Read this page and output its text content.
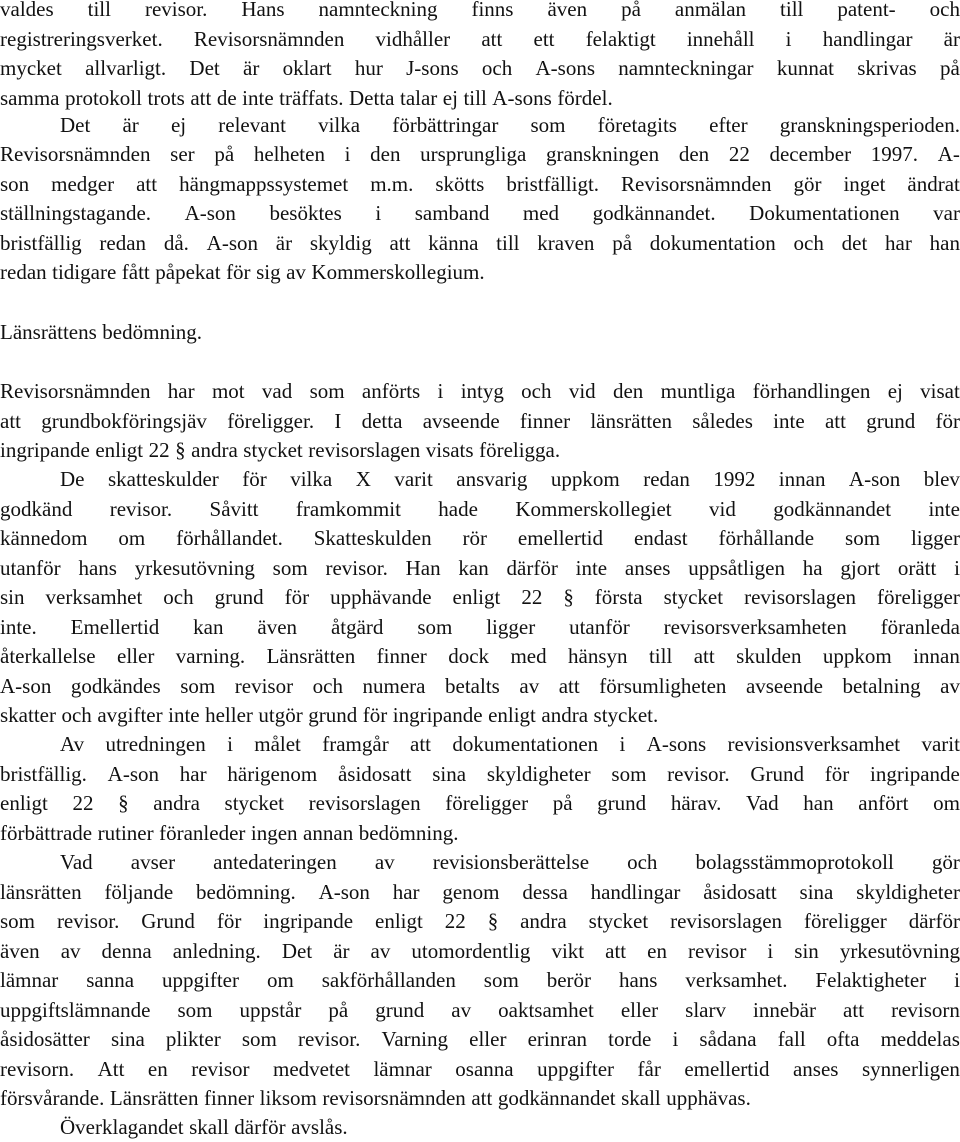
valdes till revisor. Hans namnteckning finns även på anmälan till patent- och
registreringsverket. Revisorsnämnden vidhåller att ett felaktigt innehåll i handlingar är
mycket allvarligt. Det är oklart hur J-sons och A-sons namnteckningar kunnat skrivas på
samma protokoll trots att de inte träffats. Detta talar ej till A-sons fördel.
Det är ej relevant vilka förbättringar som företagits efter granskningsperioden.
Revisorsnämnden ser på helheten i den ursprungliga granskningen den 22 december 1997. A-
son medger att hängmappssystemet m.m. skötts bristfälligt. Revisorsnämnden gör inget ändrat
ställningstagande. A-son besöktes i samband med godkännandet. Dokumentationen var
bristfällig redan då. A-son är skyldig att känna till kraven på dokumentation och det har han
redan tidigare fått påpekat för sig av Kommerskollegium.
Länsrättens bedömning.
Revisorsnämnden har mot vad som anförts i intyg och vid den muntliga förhandlingen ej visat
att grundbokföringsjäv föreligger. I detta avseende finner länsrätten således inte att grund för
ingripande enligt 22 § andra stycket revisorslagen visats föreligga.
De skatteskulder för vilka X varit ansvarig uppkom redan 1992 innan A-son blev
godkänd revisor. Såvitt framkommit hade Kommerskollegiet vid godkännandet inte
kännedom om förhållandet. Skatteskulden rör emellertid endast förhållande som ligger
utanför hans yrkesutövning som revisor. Han kan därför inte anses uppsåtligen ha gjort orätt i
sin verksamhet och grund för upphävande enligt 22 § första stycket revisorslagen föreligger
inte. Emellertid kan även åtgärd som ligger utanför revisorsverksamheten föranleda
återkallelse eller varning. Länsrätten finner dock med hänsyn till att skulden uppkom innan
A-son godkändes som revisor och numera betalts av att försumligheten avseende betalning av
skatter och avgifter inte heller utgör grund för ingripande enligt andra stycket.
Av utredningen i målet framgår att dokumentationen i A-sons revisionsverksamhet varit
bristfällig. A-son har härigenom åsidosatt sina skyldigheter som revisor. Grund för ingripande
enligt 22 § andra stycket revisorslagen föreligger på grund härav. Vad han anfört om
förbättrade rutiner föranleder ingen annan bedömning.
Vad avser antedateringen av revisionsberättelse och bolagsstämmoprotokoll gör
länsrätten följande bedömning. A-son har genom dessa handlingar åsidosatt sina skyldigheter
som revisor. Grund för ingripande enligt 22 § andra stycket revisorslagen föreligger därför
även av denna anledning. Det är av utomordentlig vikt att en revisor i sin yrkesutövning
lämnar sanna uppgifter om sakförhållanden som berör hans verksamhet. Felaktigheter i
uppgiftslämnande som uppstår på grund av oaktsamhet eller slarv innebär att revisorn
åsidosätter sina plikter som revisor. Varning eller erinran torde i sådana fall ofta meddelas
revisorn. Att en revisor medvetet lämnar osanna uppgifter får emellertid anses synnerligen
försvårande. Länsrätten finner liksom revisorsnämnden att godkännandet skall upphävas.
Överklagandet skall därför avslås.
